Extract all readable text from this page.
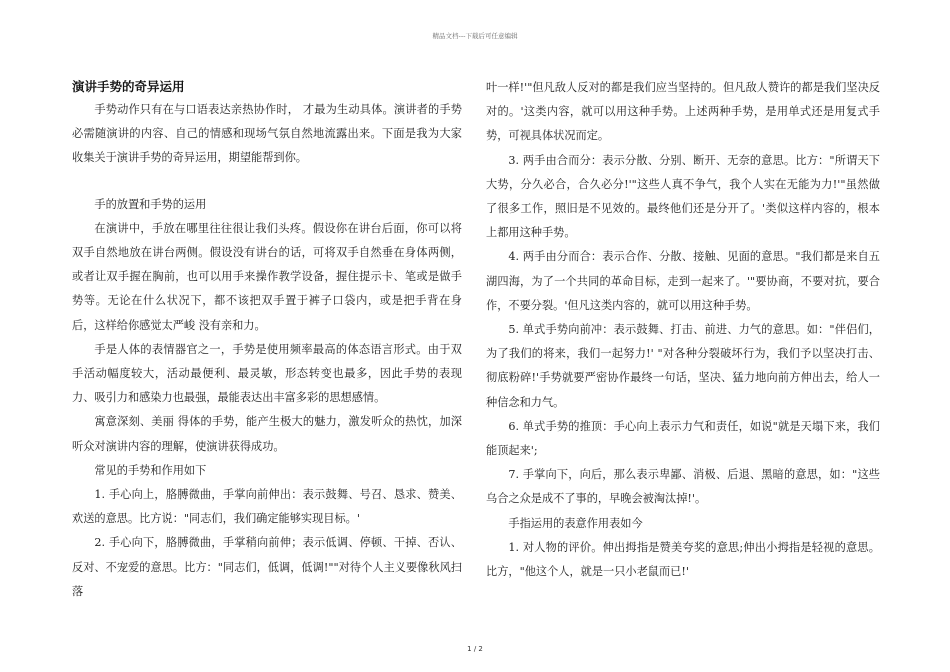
精品文档---下载后可任意编辑
演讲手势的奇异运用

手势动作只有在与口语表达亲热协作时， 才最为生动具体。演讲者的手势必需随演讲的内容、自己的情感和现场气氛自然地流露出来。下面是我为大家收集关于演讲手势的奇异运用，期望能帮到你。

手的放置和手势的运用

在演讲中，手放在哪里往往很让我们头疼。假设你在讲台后面，你可以将双手自然地放在讲台两侧。假设没有讲台的话，可将双手自然垂在身体两侧，或者让双手握在胸前，也可以用手来操作教学设备，握住提示卡、笔或是做手势等。无论在什么状况下，都不该把双手置于裤子口袋内，或是把手背在身后，这样给你感觉太严峻 没有亲和力。

手是人体的表情器官之一，手势是使用频率最高的体态语言形式。由于双手活动幅度较大，活动最便利、最灵敏，形态转变也最多，因此手势的表现力、吸引力和感染力也最强，最能表达出丰富多彩的思想感情。

寓意深刻、美丽 得体的手势，能产生极大的魅力，激发听众的热忱，加深听众对演讲内容的理解，使演讲获得成功。

常见的手势和作用如下

1. 手心向上，胳膊微曲，手掌向前伸出：表示鼓舞、号召、恳求、赞美、欢送的意思。比方说："同志们，我们确定能够实现目标。'

2. 手心向下，胳膊微曲，手掌稍向前伸；表示低调、停顿、干掉、否认、反对、不宠爱的意思。比方："同志们，低调，低调!""对待个人主义要像秋风扫落

叶一样!'"但凡敌人反对的都是我们应当坚持的。但凡敌人赞许的都是我们坚决反对的。'这类内容，就可以用这种手势。上述两种手势，是用单式还是用复式手势，可视具体状况而定。

3. 两手由合而分：表示分散、分别、断开、无奈的意思。比方："所谓天下大势，分久必合，合久必分!'"这些人真不争气，我个人实在无能为力!'"虽然做了很多工作，照旧是不见效的。最终他们还是分开了。'类似这样内容的，根本上都用这种手势。

4. 两手由分而合：表示合作、分散、接触、见面的意思。"我们都是来自五湖四海，为了一个共同的革命目标，走到一起来了。'"要协商，不要对抗，要合作，不要分裂。'但凡这类内容的，就可以用这种手势。

5. 单式手势向前冲：表示鼓舞、打击、前进、力气的意思。如："伴侣们，为了我们的将来，我们一起努力!' "对各种分裂破坏行为，我们予以坚决打击、彻底粉碎!'手势就要严密协作最终一句话，坚决、猛力地向前方伸出去，给人一种信念和力气。

6. 单式手势的推顶：手心向上表示力气和责任，如说"就是天塌下来，我们能顶起来';

7. 手掌向下，向后，那么表示卑鄙、消极、后退、黑暗的意思，如："这些乌合之众是成不了事的，早晚会被淘汰掉!'。

手指运用的表意作用表如今

1. 对人物的评价。伸出拇指是赞美夸奖的意思;伸出小拇指是轻视的意思。比方，"他这个人，就是一只小老鼠而已!'

1 / 2
